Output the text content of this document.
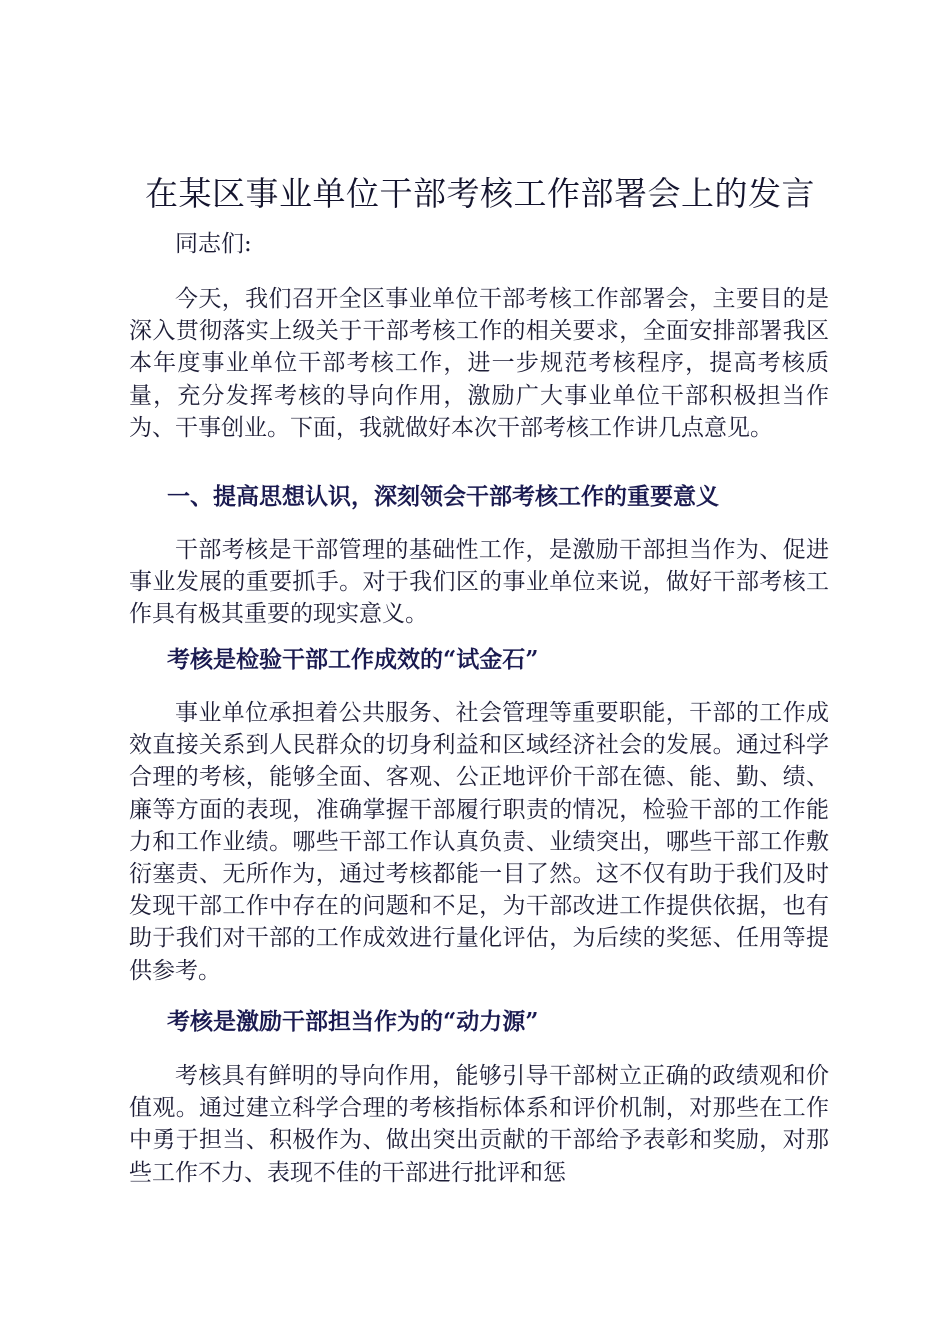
在某区事业单位干部考核工作部署会上的发言

同志们:

今天，我们召开全区事业单位干部考核工作部署会，主要目的是深入贯彻落实上级关于干部考核工作的相关要求，全面安排部署我区本年度事业单位干部考核工作，进一步规范考核程序，提高考核质量，充分发挥考核的导向作用，激励广大事业单位干部积极担当作为、干事创业。下面，我就做好本次干部考核工作讲几点意见。

一、提高思想认识，深刻领会干部考核工作的重要意义

干部考核是干部管理的基础性工作，是激励干部担当作为、促进事业发展的重要抓手。对于我们区的事业单位来说，做好干部考核工作具有极其重要的现实意义。

考核是检验干部工作成效的“试金石”

事业单位承担着公共服务、社会管理等重要职能，干部的工作成效直接关系到人民群众的切身利益和区域经济社会的发展。通过科学合理的考核，能够全面、客观、公正地评价干部在德、能、勤、绩、廉等方面的表现，准确掌握干部履行职责的情况，检验干部的工作能力和工作业绩。哪些干部工作认真负责、业绩突出，哪些干部工作敷衍塞责、无所作为，通过考核都能一目了然。这不仅有助于我们及时发现干部工作中存在的问题和不足，为干部改进工作提供依据，也有助于我们对干部的工作成效进行量化评估，为后续的奖惩、任用等提供参考。

考核是激励干部担当作为的“动力源”

考核具有鲜明的导向作用，能够引导干部树立正确的政绩观和价值观。通过建立科学合理的考核指标体系和评价机制，对那些在工作中勇于担当、积极作为、做出突出贡献的干部给予表彰和奖励，对那些工作不力、表现不佳的干部进行批评和惩
